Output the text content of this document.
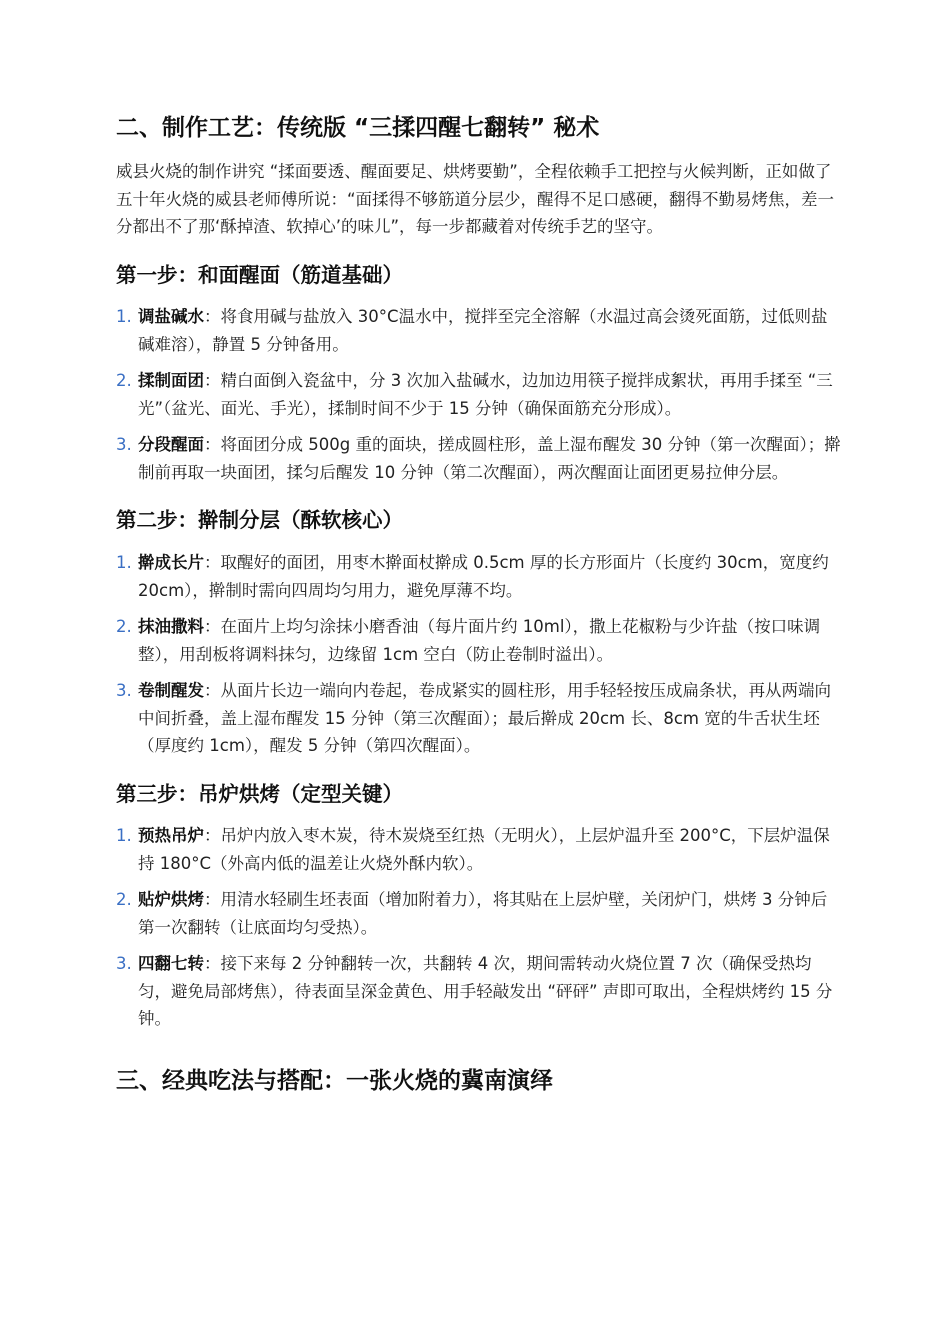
二、制作工艺：传统版 “三揉四醒七翻转” 秘术

威县火烧的制作讲究 “揉面要透、醒面要足、烘烤要勤”，全程依赖手工把控与火候判断，正如做了五十年火烧的威县老师傅所说：“面揉得不够筋道分层少，醒得不足口感硬，翻得不勤易烤焦，差一分都出不了那‘酥掉渣、软掉心’的味儿”，每一步都藏着对传统手艺的坚守。

第一步：和面醒面（筋道基础）
1. 调盐碱水：将食用碱与盐放入 30°C温水中，搅拌至完全溶解（水温过高会烫死面筋，过低则盐碱难溶），静置 5 分钟备用。
2. 揉制面团：精白面倒入瓷盆中，分 3 次加入盐碱水，边加边用筷子搅拌成絮状，再用手揉至 “三光”（盆光、面光、手光），揉制时间不少于 15 分钟（确保面筋充分形成）。
3. 分段醒面：将面团分成 500g 重的面块，搓成圆柱形，盖上湿布醒发 30 分钟（第一次醒面）；擀制前再取一块面团，揉匀后醒发 10 分钟（第二次醒面），两次醒面让面团更易拉伸分层。
第二步：擀制分层（酥软核心）
1. 擀成长片：取醒好的面团，用枣木擀面杖擀成 0.5cm 厚的长方形面片（长度约 30cm，宽度约 20cm），擀制时需向四周均匀用力，避免厚薄不均。
2. 抹油撒料：在面片上均匀涂抹小磨香油（每片面片约 10ml），撒上花椒粉与少许盐（按口味调整），用刮板将调料抹匀，边缘留 1cm 空白（防止卷制时溢出）。
3. 卷制醒发：从面片长边一端向内卷起，卷成紧实的圆柱形，用手轻轻按压成扁条状，再从两端向中间折叠，盖上湿布醒发 15 分钟（第三次醒面）；最后擀成 20cm 长、8cm 宽的牛舌状生坯（厚度约 1cm），醒发 5 分钟（第四次醒面）。
第三步：吊炉烘烤（定型关键）
1. 预热吊炉：吊炉内放入枣木炭，待木炭烧至红热（无明火），上层炉温升至 200°C，下层炉温保持 180°C（外高内低的温差让火烧外酥内软）。
2. 贴炉烘烤：用清水轻刷生坯表面（增加附着力），将其贴在上层炉壁，关闭炉门，烘烤 3 分钟后第一次翻转（让底面均匀受热）。
3. 四翻七转：接下来每 2 分钟翻转一次，共翻转 4 次，期间需转动火烧位置 7 次（确保受热均匀，避免局部烤焦），待表面呈深金黄色、用手轻敲发出 “砰砰” 声即可取出，全程烘烤约 15 分钟。
三、经典吃法与搭配：一张火烧的冀南演绎
